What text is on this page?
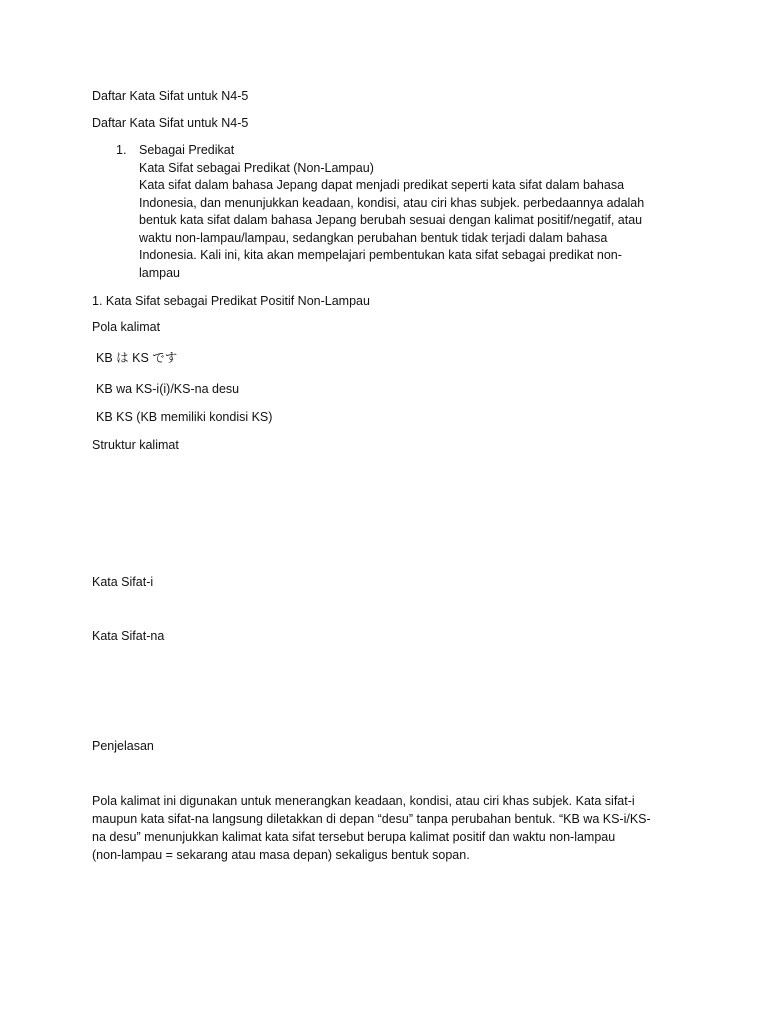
Daftar Kata Sifat untuk N4-5
Daftar Kata Sifat untuk N4-5
1. Sebagai Predikat
Kata Sifat sebagai Predikat (Non-Lampau)
Kata sifat dalam bahasa Jepang dapat menjadi predikat seperti kata sifat dalam bahasa
Indonesia, dan menunjukkan keadaan, kondisi, atau ciri khas subjek. perbedaannya adalah
bentuk kata sifat dalam bahasa Jepang berubah sesuai dengan kalimat positif/negatif, atau
waktu non-lampau/lampau, sedangkan perubahan bentuk tidak terjadi dalam bahasa
Indonesia. Kali ini, kita akan mempelajari pembentukan kata sifat sebagai predikat non-
lampau
1. Kata Sifat sebagai Predikat Positif Non-Lampau
Pola kalimat
KB は KS です
KB wa KS-i(i)/KS-na desu
KB KS (KB memiliki kondisi KS)
Struktur kalimat
Kata Sifat-i
Kata Sifat-na
Penjelasan
Pola kalimat ini digunakan untuk menerangkan keadaan, kondisi, atau ciri khas subjek. Kata sifat-i
maupun kata sifat-na langsung diletakkan di depan “desu” tanpa perubahan bentuk. “KB wa KS-i/KS-
na desu” menunjukkan kalimat kata sifat tersebut berupa kalimat positif dan waktu non-lampau
(non-lampau = sekarang atau masa depan) sekaligus bentuk sopan.
